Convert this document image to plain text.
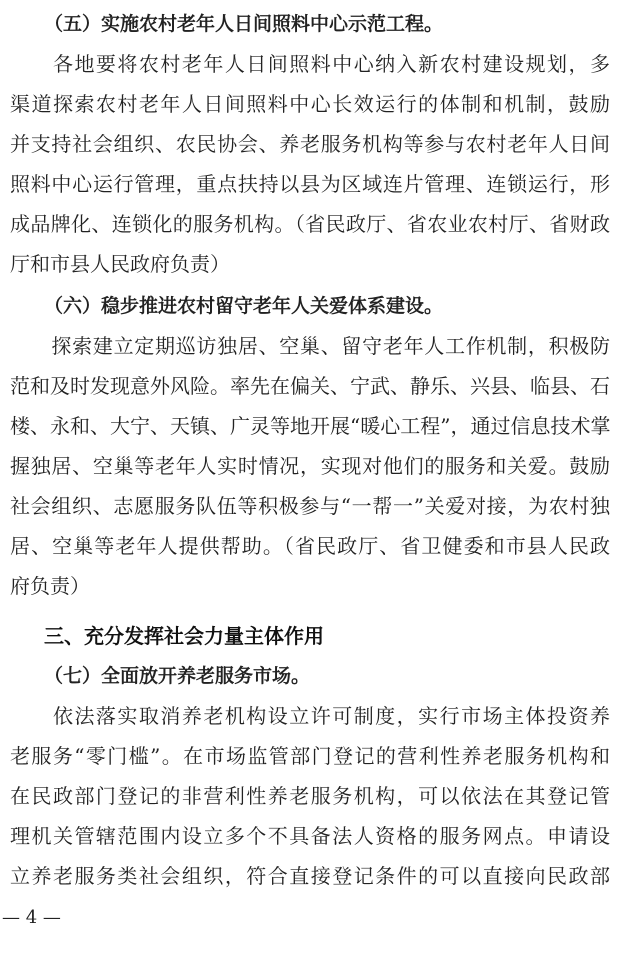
（五）实施农村老年人日间照料中心示范工程。
　　各地要将农村老年人日间照料中心纳入新农村建设规划，多
渠道探索农村老年人日间照料中心长效运行的体制和机制，鼓励
并支持社会组织、农民协会、养老服务机构等参与农村老年人日间
照料中心运行管理，重点扶持以县为区域连片管理、连锁运行，形
成品牌化、连锁化的服务机构。（省民政厅、省农业农村厅、省财政
厅和市县人民政府负责）
（六）稳步推进农村留守老年人关爱体系建设。
　　探索建立定期巡访独居、空巢、留守老年人工作机制，积极防
范和及时发现意外风险。率先在偏关、宁武、静乐、兴县、临县、石
楼、永和、大宁、天镇、广灵等地开展“暖心工程”，通过信息技术掌
握独居、空巢等老年人实时情况，实现对他们的服务和关爱。鼓励
社会组织、志愿服务队伍等积极参与“一帮一”关爱对接，为农村独
居、空巢等老年人提供帮助。（省民政厅、省卫健委和市县人民政
府负责）
三、充分发挥社会力量主体作用
（七）全面放开养老服务市场。
　　依法落实取消养老机构设立许可制度，实行市场主体投资养
老服务“零门槛”。在市场监管部门登记的营利性养老服务机构和
在民政部门登记的非营利性养老服务机构，可以依法在其登记管
理机关管辖范围内设立多个不具备法人资格的服务网点。申请设
立养老服务类社会组织，符合直接登记条件的可以直接向民政部
— 4 —
